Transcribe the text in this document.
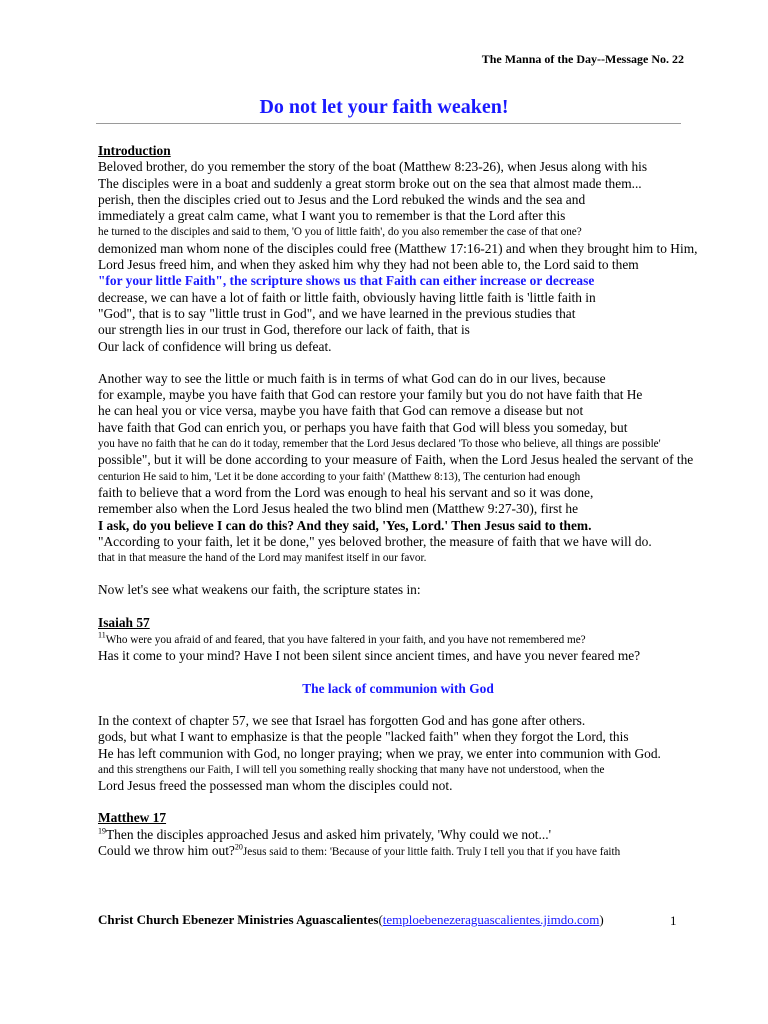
The Manna of the Day--Message No. 22
Do not let your faith weaken!
Introduction
Beloved brother, do you remember the story of the boat (Matthew 8:23-26), when Jesus along with his
The disciples were in a boat and suddenly a great storm broke out on the sea that almost made them...
perish, then the disciples cried out to Jesus and the Lord rebuked the winds and the sea and
immediately a great calm came, what I want you to remember is that the Lord after this
he turned to the disciples and said to them, 'O you of little faith', do you also remember the case of that one?
demonized man whom none of the disciples could free (Matthew 17:16-21) and when they brought him to Him,
Lord Jesus freed him, and when they asked him why they had not been able to, the Lord said to them
"for your little Faith", the scripture shows us that Faith can either increase or decrease
decrease, we can have a lot of faith or little faith, obviously having little faith is 'little faith in
"God", that is to say "little trust in God", and we have learned in the previous studies that
our strength lies in our trust in God, therefore our lack of faith, that is
Our lack of confidence will bring us defeat.
Another way to see the little or much faith is in terms of what God can do in our lives, because
for example, maybe you have faith that God can restore your family but you do not have faith that He
he can heal you or vice versa, maybe you have faith that God can remove a disease but not
have faith that God can enrich you, or perhaps you have faith that God will bless you someday, but
you have no faith that he can do it today, remember that the Lord Jesus declared 'To those who believe, all things are possible'
possible", but it will be done according to your measure of Faith, when the Lord Jesus healed the servant of the
centurion He said to him, 'Let it be done according to your faith' (Matthew 8:13), The centurion had enough
faith to believe that a word from the Lord was enough to heal his servant and so it was done,
remember also when the Lord Jesus healed the two blind men (Matthew 9:27-30), first he
I ask, do you believe I can do this? And they said, 'Yes, Lord.' Then Jesus said to them.
"According to your faith, let it be done," yes beloved brother, the measure of faith that we have will do.
that in that measure the hand of the Lord may manifest itself in our favor.
Now let's see what weakens our faith, the scripture states in:
Isaiah 57
$^{11}$Who were you afraid of and feared, that you have faltered in your faith, and you have not remembered me?
Has it come to your mind? Have I not been silent since ancient times, and have you never feared me?
The lack of communion with God
In the context of chapter 57, we see that Israel has forgotten God and has gone after others.
gods, but what I want to emphasize is that the people "lacked faith" when they forgot the Lord, this
He has left communion with God, no longer praying; when we pray, we enter into communion with God.
and this strengthens our Faith, I will tell you something really shocking that many have not understood, when the
Lord Jesus freed the possessed man whom the disciples could not.
Matthew 17
$^{19}$Then the disciples approached Jesus and asked him privately, 'Why could we not...'
Could we throw him out?$^{20}$Jesus said to them: 'Because of your little faith. Truly I tell you that if you have faith
Christ Church Ebenezer Ministries Aguascalientes(temploebenezeraguascalientes.jimdo.com)	1
